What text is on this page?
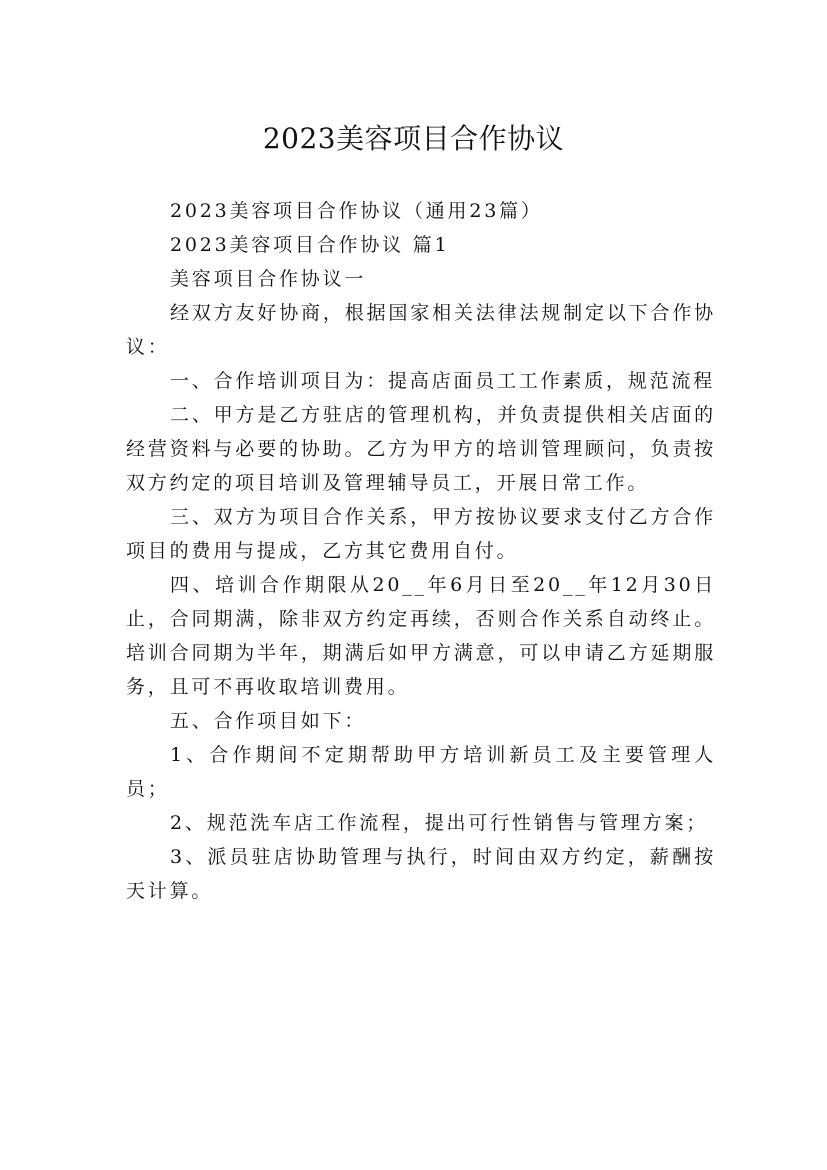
2023美容项目合作协议

2023美容项目合作协议（通用23篇）

2023美容项目合作协议 篇1

美容项目合作协议一

经双方友好协商，根据国家相关法律法规制定以下合作协议：

一、合作培训项目为：提高店面员工工作素质，规范流程

二、甲方是乙方驻店的管理机构，并负责提供相关店面的经营资料与必要的协助。乙方为甲方的培训管理顾问，负责按双方约定的项目培训及管理辅导员工，开展日常工作。

三、双方为项目合作关系，甲方按协议要求支付乙方合作项目的费用与提成，乙方其它费用自付。

四、培训合作期限从20__年6月日至20__年12月30日止，合同期满，除非双方约定再续，否则合作关系自动终止。培训合同期为半年，期满后如甲方满意，可以申请乙方延期服务，且可不再收取培训费用。

五、合作项目如下：

1、合作期间不定期帮助甲方培训新员工及主要管理人员；

2、规范洗车店工作流程，提出可行性销售与管理方案；

3、派员驻店协助管理与执行，时间由双方约定，薪酬按天计算。
